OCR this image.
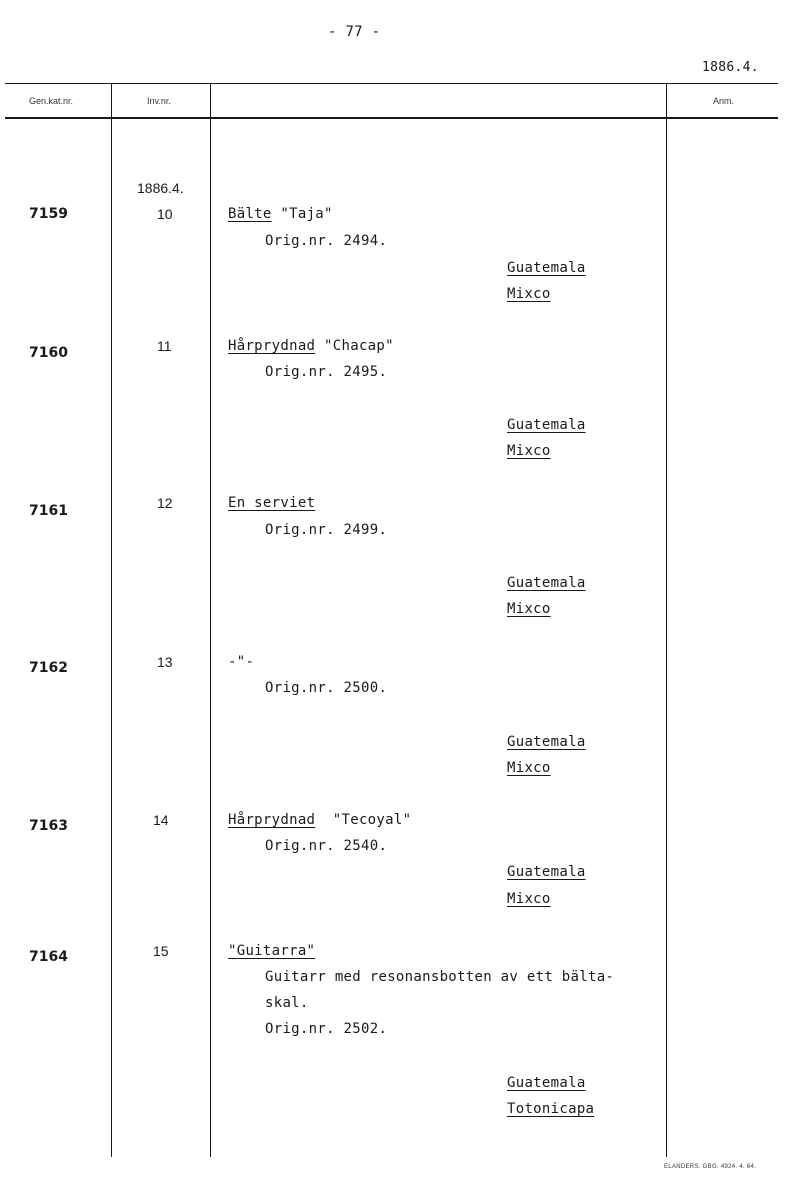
- 77 -
1886.4.
Gen.kat.nr.	Inv.nr.	Anm.
1886.4.
7159	10	Bälte "Taja"
Orig.nr. 2494.
Guatemala
Mixco
7160	11	Hårprydnad "Chacap"
Orig.nr. 2495.
Guatemala
Mixco
7161	12	En serviet
Orig.nr. 2499.
Guatemala
Mixco
7162	13	-"-
Orig.nr. 2500.
Guatemala
Mixco
7163	14	Hårprydnad  "Tecoyal"
Orig.nr. 2540.
Guatemala
Mixco
7164	15	"Guitarra"
Guitarr med resonansbotten av ett bälta-
skal.
Orig.nr. 2502.
Guatemala
Totonicapa
ELANDERS. GBG. 4924. 4. 64.
